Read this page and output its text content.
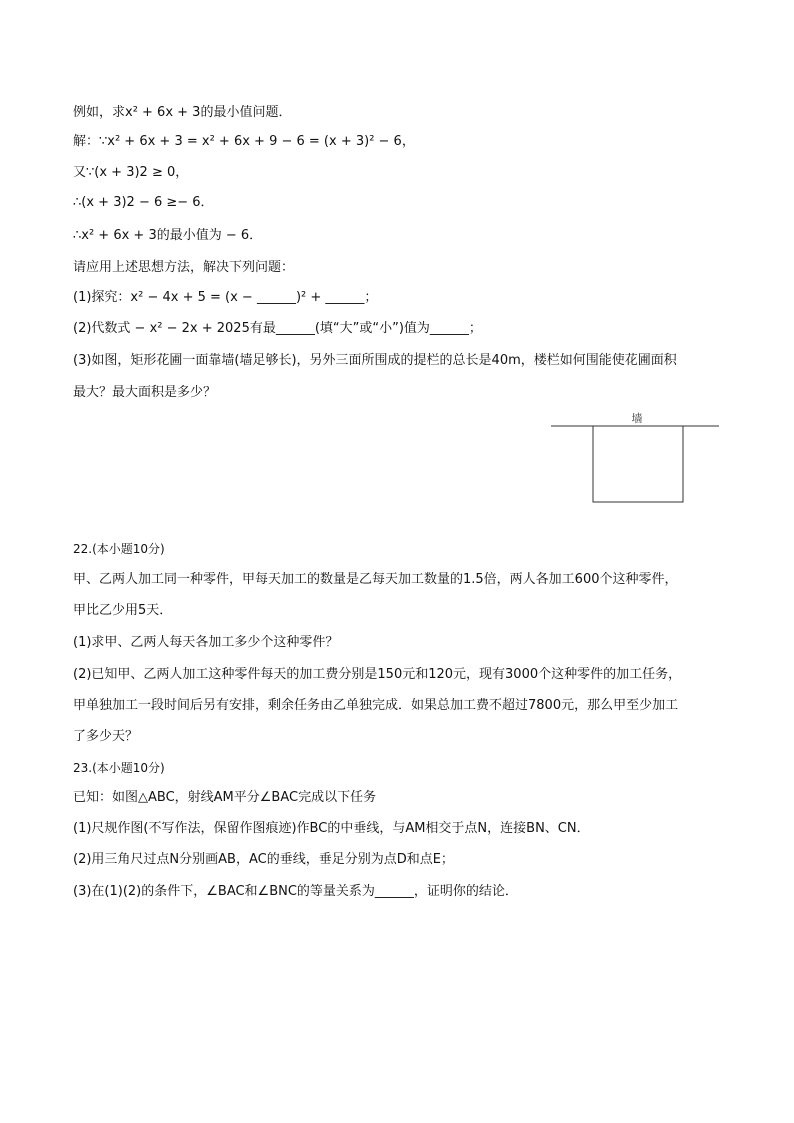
例如，求x² + 6x + 3的最小值问题．
解：∵x² + 6x + 3 = x² + 6x + 9 − 6 = (x + 3)² − 6，
又∵(x + 3)2 ≥ 0，
∴(x + 3)2 − 6 ≥− 6．
∴x² + 6x + 3的最小值为 − 6．
请应用上述思想方法，解决下列问题：
(1)探究：x² − 4x + 5 = (x − ______)² + ______；
(2)代数式 − x² − 2x + 2025有最______(填“大”或“小”)值为______；
(3)如图，矩形花圃一面靠墙(墙足够长)，另外三面所围成的提栏的总长是40m，楼栏如何围能使花圃面积
最大？最大面积是多少？
墙
22.(本小题10分)
甲、乙两人加工同一种零件，甲每天加工的数量是乙每天加工数量的1.5倍，两人各加工600个这种零件，
甲比乙少用5天．
(1)求甲、乙两人每天各加工多少个这种零件？
(2)已知甲、乙两人加工这种零件每天的加工费分别是150元和120元，现有3000个这种零件的加工任务，
甲单独加工一段时间后另有安排，剩余任务由乙单独完成．如果总加工费不超过7800元，那么甲至少加工
了多少天？
23.(本小题10分)
已知：如图△ABC，射线AM平分∠BAC完成以下任务
(1)尺规作图(不写作法，保留作图痕迹)作BC的中垂线，与AM相交于点N，连接BN、CN．
(2)用三角尺过点N分别画AB，AC的垂线，垂足分别为点D和点E；
(3)在(1)(2)的条件下，∠BAC和∠BNC的等量关系为______，证明你的结论．
